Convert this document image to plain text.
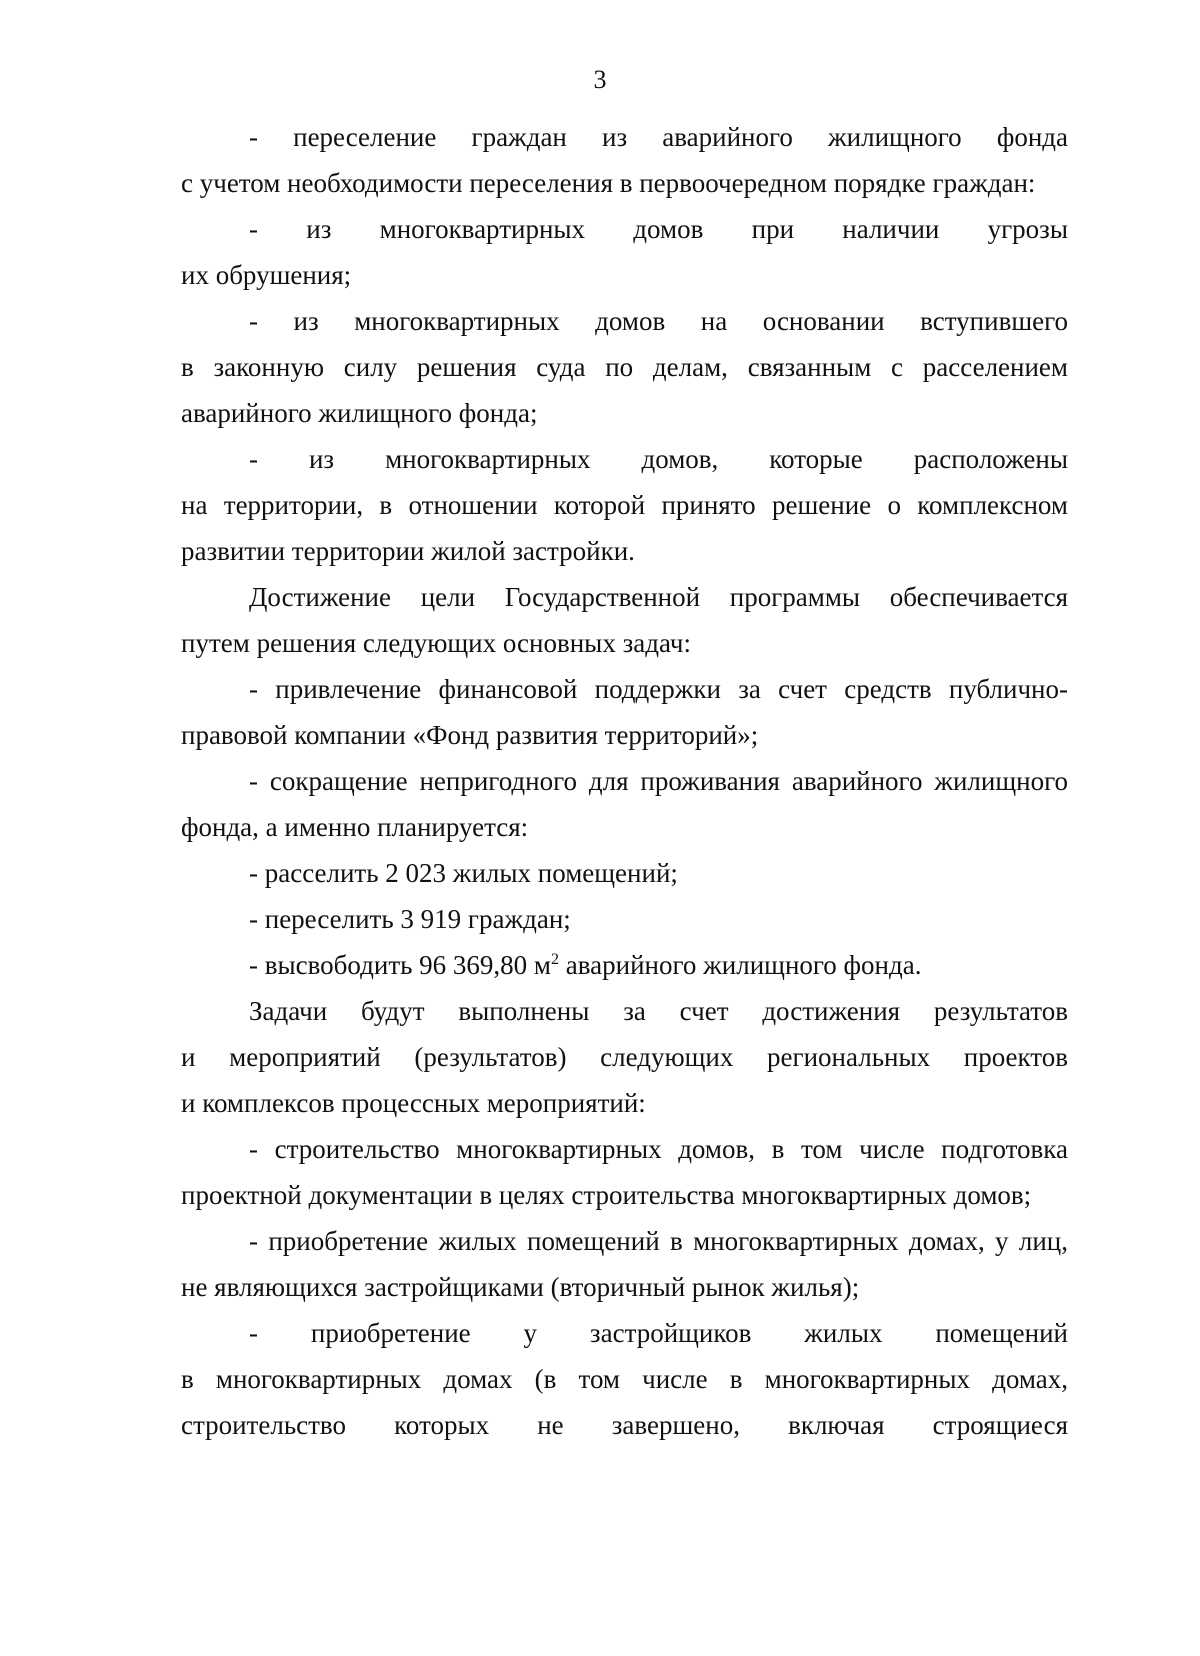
3
- переселение граждан из аварийного жилищного фонда
с учетом необходимости переселения в первоочередном порядке граждан:
- из многоквартирных домов при наличии угрозы
их обрушения;
- из многоквартирных домов на основании вступившего
в законную силу решения суда по делам, связанным с расселением
аварийного жилищного фонда;
- из многоквартирных домов, которые расположены
на территории, в отношении которой принято решение о комплексном
развитии территории жилой застройки.
Достижение цели Государственной программы обеспечивается
путем решения следующих основных задач:
- привлечение финансовой поддержки за счет средств публично-
правовой компании «Фонд развития территорий»;
- сокращение непригодного для проживания аварийного жилищного
фонда, а именно планируется:
- расселить 2 023 жилых помещений;
- переселить 3 919 граждан;
- высвободить 96 369,80 $м^2$ аварийного жилищного фонда.
Задачи будут выполнены за счет достижения результатов
и мероприятий (результатов) следующих региональных проектов
и комплексов процессных мероприятий:
- строительство многоквартирных домов, в том числе подготовка
проектной документации в целях строительства многоквартирных домов;
- приобретение жилых помещений в многоквартирных домах, у лиц,
не являющихся застройщиками (вторичный рынок жилья);
- приобретение у застройщиков жилых помещений
в многоквартирных домах (в том числе в многоквартирных домах,
строительство которых не завершено, включая строящиеся
